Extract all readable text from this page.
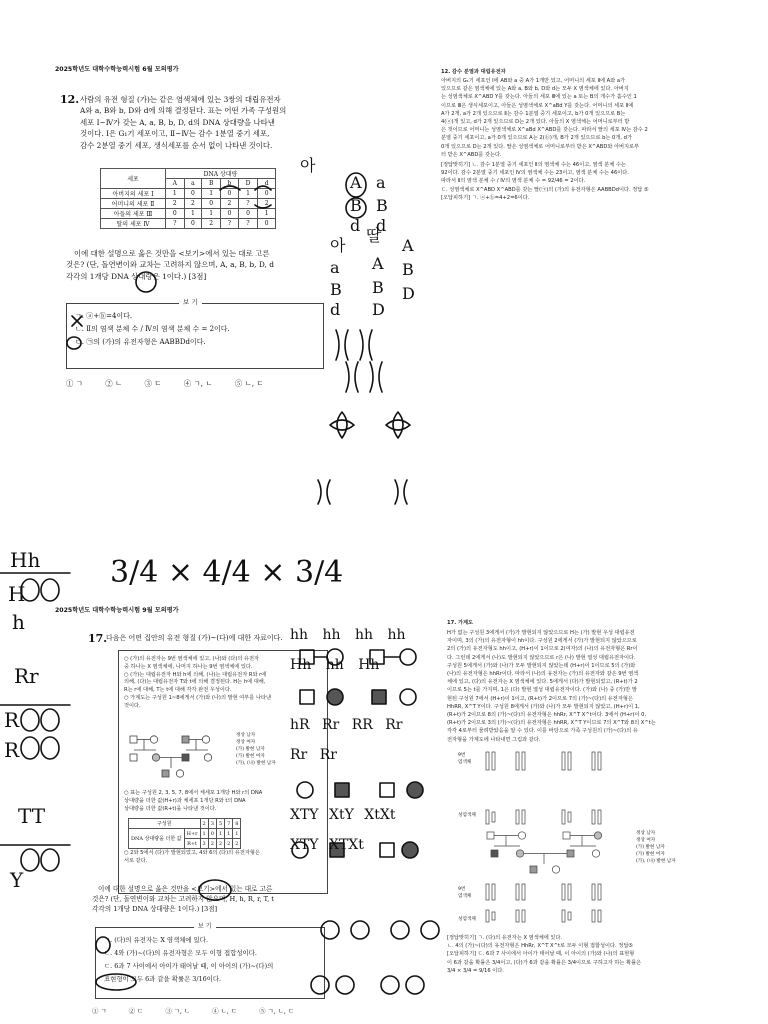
2025학년도 대학수학능력시험 6월 모의평가
12. 사람의 유전 형질 (가)는 같은 염색체에 있는 3쌍의 대립유전자
A와 a, B와 b, D와 d에 의해 결정된다. 표는 어떤 가족 구성원의
세포 Ⅰ~Ⅳ가 갖는 A, a, B, b, D, d의 DNA 상대량을 나타낸
것이다. Ⅰ은 G₁기 세포이고, Ⅱ~Ⅳ는 감수 1분열 중기 세포,
감수 2분열 중기 세포, 생식세포를 순서 없이 나타낸 것이다.
세포	DNA 상대량					
	A	a	B	b	D	d
아버지의 세포 Ⅰ	1	0	1	0	1	0
어머니의 세포 Ⅱ	2	2	0	2	?	2
아들의 세포 Ⅲ	0	1	1	0	0	1
딸의 세포 Ⅳ	?	0	2	?	?	0
이에 대한 설명으로 옳은 것만을 <보기>에서 있는 대로 고른
것은? (단, 돌연변이와 교차는 고려하지 않으며, A, a, B, b, D, d
각각의 1개당 DNA 상대량은 1이다.) [3점]
보 기
ㄱ. ⓐ+ⓑ=4이다.
ㄴ. Ⅱ의 염색 분체 수 / Ⅳ의 염색 분체 수 = 2이다.
ㄷ. ㉠의 (가)의 유전자형은 AABBDd이다.
① ㄱ	② ㄴ	③ ㄷ	④ ㄱ, ㄴ	⑤ ㄴ, ㄷ
12. 감수 분열과 대립유전자
아버지의 G₁기 세포인 Ⅰ에 AB와 a 중 A가 1개만 있고, 어머니의 세포 Ⅱ에 A와 a가
있으므로 같은 염색체에 있는 A와 a, B와 b, D와 d는 모두 X 염색체에 있다. 아버지
는 성염색체로 X^ABD Y를 갖는다. 아들의 세포 Ⅲ에 있는 a 또는 B의 개수가 홀수인 1
이므로 Ⅲ은 생식세포이고, 아들은 성염색체로 X^aBd Y를 갖는다. 어머니의 세포 Ⅱ에
A가 2개, a가 2개 있으므로 Ⅱ는 감수 1분열 중기 세포이고, b가 0개 있으므로 B는
4(ⓐ)개 있고, d가 2개 있으므로 D는 2개 있다. 아들의 X 염색체는 어머니로부터 받
은 것이므로 어머니는 성염색체로 X^aBd X^ABD를 갖는다. 따라서 딸의 세포 Ⅳ는 감수 2
분열 중기 세포이고, a가 0개 있으므로 A는 2(ⓑ)개, B가 2개 있으므로 b는 0개, d가
0개 있으므로 D는 2개 있다. 딸은 성염색체로 어머니로부터 받은 X^ABD와 아버지로부
터 받은 X^ABD를 갖는다.
[정답맞히기] ㄴ. 감수 1분열 중기 세포인 Ⅱ의 염색체 수는 46이고, 염색 분체 수는
92이다. 감수 2분열 중기 세포인 Ⅳ의 염색체 수는 23이고, 염색 분체 수는 46이다.
따라서 Ⅱ의 염색 분체 수 / Ⅳ의 염색 분체 수 = 92/46 = 2이다.
ㄷ. 성염색체로 X^ABD X^ABD를 갖는 딸(㉠)의 (가)의 유전자형은 AABBDd이다. 정답 ⑤
[오답피하기] ㄱ. ⓐ+ⓑ=4+2=6이다.
2025학년도 대학수학능력시험 9월 모의평가
17.
다음은 어떤 집안의 유전 형질 (가)~(다)에 대한 자료이다.
○ (가)의 유전자는 9번 염색체에 있고, (나)와 (다)의 유전자
중 하나는 X 염색체에, 나머지 하나는 9번 염색체에 있다.
○ (가)는 대립유전자 H와 h에 의해, (나)는 대립유전자 R와 r에
의해, (다)는 대립유전자 T와 t에 의해 결정된다. H는 h에 대해,
R는 r에 대해, T는 t에 대해 각각 완전 우성이다.
○ 가계도는 구성원 1~8에게서 (가)와 (나)의 발현 여부를 나타낸
것이다.
정상 남자
정상 여자
(가) 발현 남자
(가) 발현 여자
(가), (나) 발현 남자
○ 표는 구성원 2, 3, 5, 7, 8에서 체세포 1개당 H와 r의 DNA
상대량을 더한 값(H+r)과 체세포 1개당 R와 t의 DNA
상대량을 더한 값(R+t)을 나타낸 것이다.
구성원		2	3	5	7	8
DNA 상대량을 더한 값	H+r	1	0	1	1	1
	R+t	3	2	2	2	2
○ 2와 5에서 (다)가 발현되었고, 4와 6의 (다)의 유전자형은
서로 같다.
이에 대한 설명으로 옳은 것만을 <보기>에서 있는 대로 고른
것은? (단, 돌연변이와 교차는 고려하지 않으며, H, h, R, r, T, t
각각의 1개당 DNA 상대량은 1이다.) [3점]
보 기
ㄱ. (다)의 유전자는 X 염색체에 있다.
ㄴ. 4와 (가)~(다)의 유전자형은 모두 이형 접합성이다.
ㄷ. 6과 7 사이에서 아이가 태어날 때, 이 아이의 (가)~(다)의
표현형이 모두 6과 같을 확률은 3/16이다.
① ㄱ	② ㄷ	③ ㄱ, ㄴ	④ ㄴ, ㄷ	⑤ ㄱ, ㄴ, ㄷ
17. 가계도
H가 없는 구성원 3에게서 (가)가 발현되지 않았으므로 H는 (가) 발현 우성 대립유전
자이며, 3의 (가)의 유전자형이 hh이다. 구성원 2에게서 (가)가 발현되지 않았으므로
2의 (가)의 유전자형도 hh이고, (H+r)이 1이므로 2(여자)의 (나)의 유전자형은 Rr이
다. 그런데 2에게서 (나)도 발현되지 않았으므로 r은 (나) 발현 열성 대립유전자이다.
구성원 5에게서 (가)와 (나)가 모두 발현되지 않았는데 (H+r)이 1이므로 5의 (가)와
(나)의 유전자형은 hhRr이다. 따라서 (나)의 유전자는 (가)의 유전자와 같은 9번 염색
체에 있고, (다)의 유전자는 X 염색체에 있다. 5에게서 (다)가 발현되었고, (R+t)가 2
이므로 5는 t를 가지며, 1은 (다) 발현 열성 대립유전자이다. (가)와 (나) 중 (가)만 발
현된 구성원 7에서 (H+r)이 1이고, (R+t)가 2이므로 7의 (가)~(다)의 유전자형은
HhRR, X^T Y이다. 구성원 8에게서 (가)와 (나)가 모두 발현되지 않았고, (H+r)이 1,
(R+t)가 2이므로 8의 (가)~(다)의 유전자형은 hhRr, X^T X^t이다. 3에서 (H+r)이 0,
(R+t)가 2이므로 3의 (가)~(다)의 유전자형은 hhRR, X^T Y이므로 7의 X^T와 8의 X^t는
각각 4로부터 물려받았음을 알 수 있다. 이를 바탕으로 가족 구성원의 (가)~(다)의 유
전자형을 가계도에 나타내면 그림과 같다.
9번
염색체
성염색체
9번
염색체
성염색체
정상 남자
정상 여자
(가) 발현 남자
(가) 발현 여자
(가), (나) 발현 남자
[정답맞히기] ㄱ. (다)의 유전자는 X 염색체에 있다.
ㄴ. 4의 (가)~(다)의 유전자형은 HhRr, X^T X^t로 모두 이형 접합성이다. 정답⑤
[오답피하기] ㄷ. 6과 7 사이에서 아이가 태어날 때, 이 아이의 (가)와 (나)의 표현형
이 6과 같을 확률은 3/4이고, (다)가 6과 같을 확률은 3/4이므로 구하고자 하는 확률은
3/4 × 3/4 = 9/16 이다.
아
A
B
d
a
B
d
아
a
B
d
딸
A
B
D
A
B
D
Hh
H
h
Rr
R
R
TT
Y
3/4 × 4/4 × 3/4
hh hh hh hh
Hh hh Hh

hR Rr RR Rr
Rr Rr

XTY XtY XtXt
XTY XTXt
